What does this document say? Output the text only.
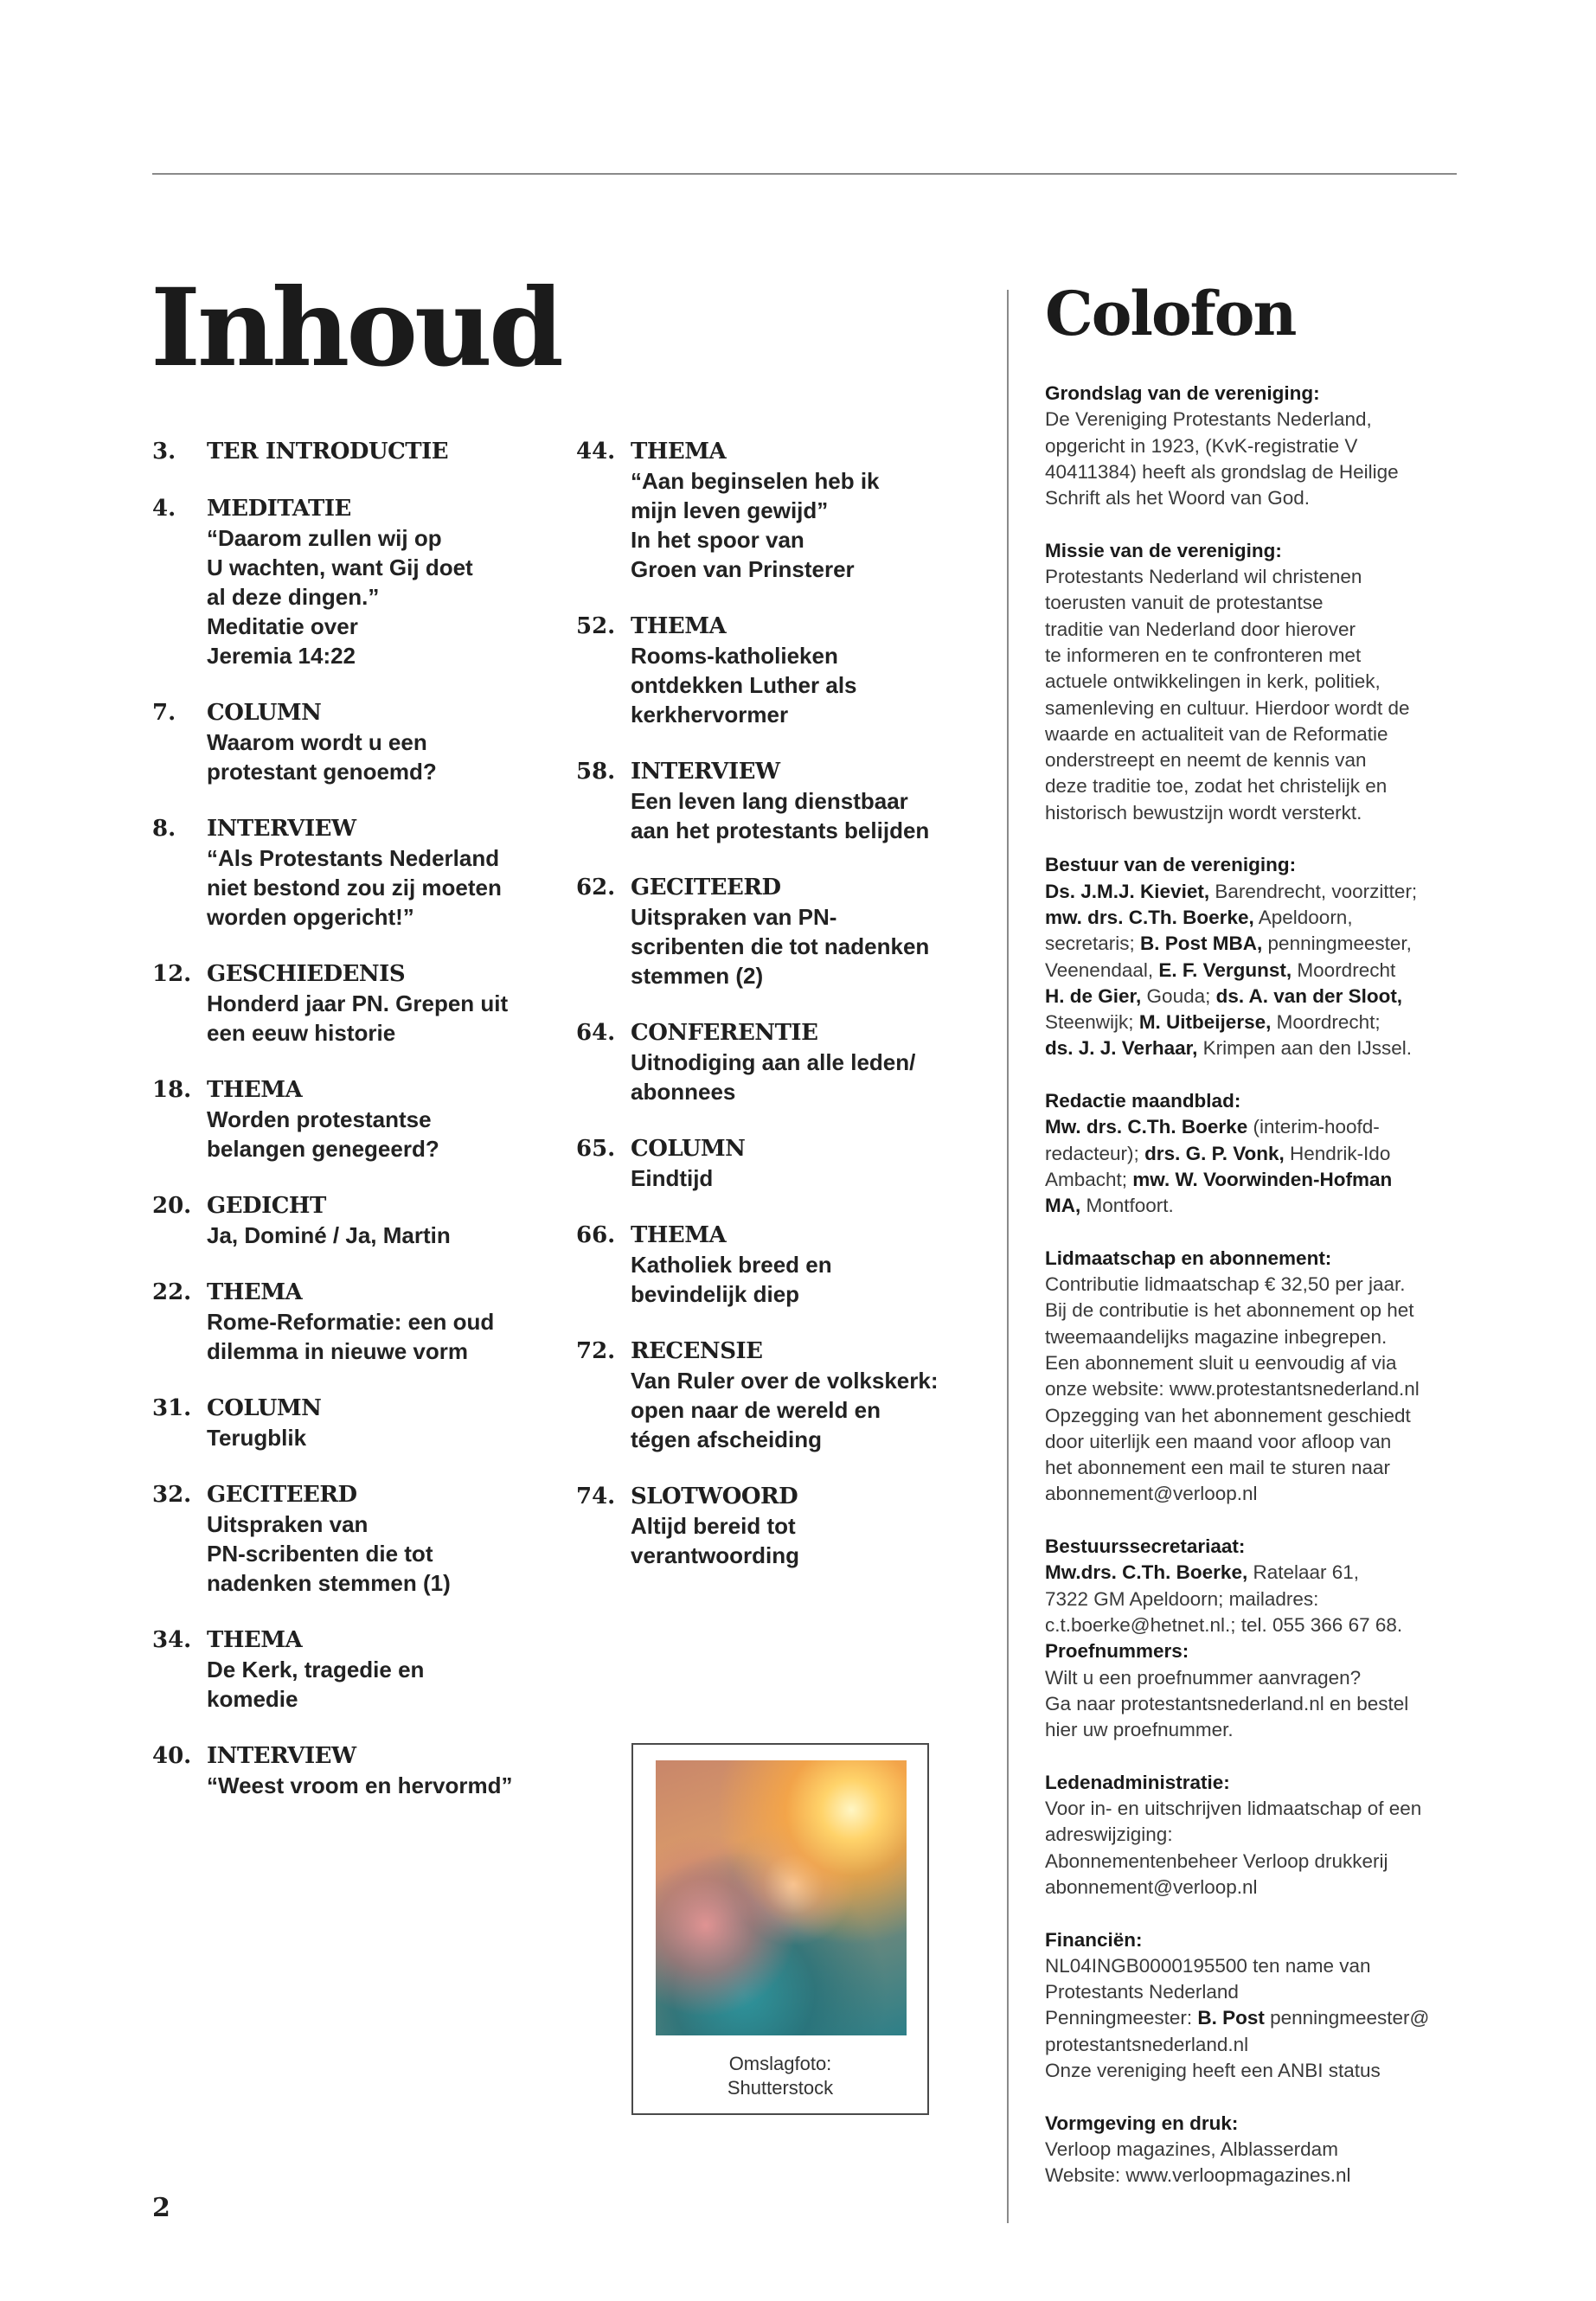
Inhoud
3. TER INTRODUCTIE
4. MEDITATIE
“Daarom zullen wij op
U wachten, want Gij doet
al deze dingen.”
Meditatie over
Jeremia 14:22
7. COLUMN
Waarom wordt u een
protestant genoemd?
8. INTERVIEW
“Als Protestants Nederland
niet bestond zou zij moeten
worden opgericht!”
12. GESCHIEDENIS
Honderd jaar PN. Grepen uit
een eeuw historie
18. THEMA
Worden protestantse
belangen genegeerd?
20. GEDICHT
Ja, Dominé / Ja, Martin
22. THEMA
Rome-Reformatie: een oud
dilemma in nieuwe vorm
31. COLUMN
Terugblik
32. GECITEERD
Uitspraken van
PN-scribenten die tot
nadenken stemmen (1)
34. THEMA
De Kerk, tragedie en
komedie
40. INTERVIEW
“Weest vroom en hervormd”
44. THEMA
“Aan beginselen heb ik
mijn leven gewijd”
In het spoor van
Groen van Prinsterer
52. THEMA
Rooms-katholieken
ontdekken Luther als
kerkhervormer
58. INTERVIEW
Een leven lang dienstbaar
aan het protestants belijden
62. GECITEERD
Uitspraken van PN-
scribenten die tot nadenken
stemmen (2)
64. CONFERENTIE
Uitnodiging aan alle leden/
abonnees
65. COLUMN
Eindtijd
66. THEMA
Katholiek breed en
bevindelijk diep
72. RECENSIE
Van Ruler over de volkskerk:
open naar de wereld en
tégen afscheiding
74. SLOTWOORD
Altijd bereid tot
verantwoording
Omslagfoto:
Shutterstock
Colofon
Grondslag van de vereniging:
De Vereniging Protestants Nederland,
opgericht in 1923, (KvK-registratie V
40411384) heeft als grondslag de Heilige
Schrift als het Woord van God.
Missie van de vereniging:
Protestants Nederland wil christenen
toerusten vanuit de protestantse
traditie van Nederland door hierover
te informeren en te confronteren met
actuele ontwikkelingen in kerk, politiek,
samenleving en cultuur. Hierdoor wordt de
waarde en actualiteit van de Reformatie
onderstreept en neemt de kennis van
deze traditie toe, zodat het christelijk en
historisch bewustzijn wordt versterkt.
Bestuur van de vereniging:
Ds. J.M.J. Kieviet, Barendrecht, voorzitter;
mw. drs. C.Th. Boerke, Apeldoorn,
secretaris; B. Post MBA, penningmeester,
Veenendaal, E. F. Vergunst, Moordrecht
H. de Gier, Gouda; ds. A. van der Sloot,
Steenwijk; M. Uitbeijerse, Moordrecht;
ds. J. J. Verhaar, Krimpen aan den IJssel.
Redactie maandblad:
Mw. drs. C.Th. Boerke (interim-hoofd-
redacteur); drs. G. P. Vonk, Hendrik-Ido
Ambacht; mw. W. Voorwinden-Hofman
MA, Montfoort.
Lidmaatschap en abonnement:
Contributie lidmaatschap € 32,50 per jaar.
Bij de contributie is het abonnement op het
tweemaandelijks magazine inbegrepen.
Een abonnement sluit u eenvoudig af via
onze website: www.protestantsnederland.nl
Opzegging van het abonnement geschiedt
door uiterlijk een maand voor afloop van
het abonnement een mail te sturen naar
abonnement@verloop.nl
Bestuurssecretariaat:
Mw.drs. C.Th. Boerke, Ratelaar 61,
7322 GM Apeldoorn; mailadres:
c.t.boerke@hetnet.nl.; tel. 055 366 67 68.
Proefnummers:
Wilt u een proefnummer aanvragen?
Ga naar protestantsnederland.nl en bestel
hier uw proefnummer.
Ledenadministratie:
Voor in- en uitschrijven lidmaatschap of een
adreswijziging:
Abonnementenbeheer Verloop drukkerij
abonnement@verloop.nl
Financiën:
NL04INGB0000195500 ten name van
Protestants Nederland
Penningmeester: B. Post penningmeester@
protestantsnederland.nl
Onze vereniging heeft een ANBI status
Vormgeving en druk:
Verloop magazines, Alblasserdam
Website: www.verloopmagazines.nl
2
